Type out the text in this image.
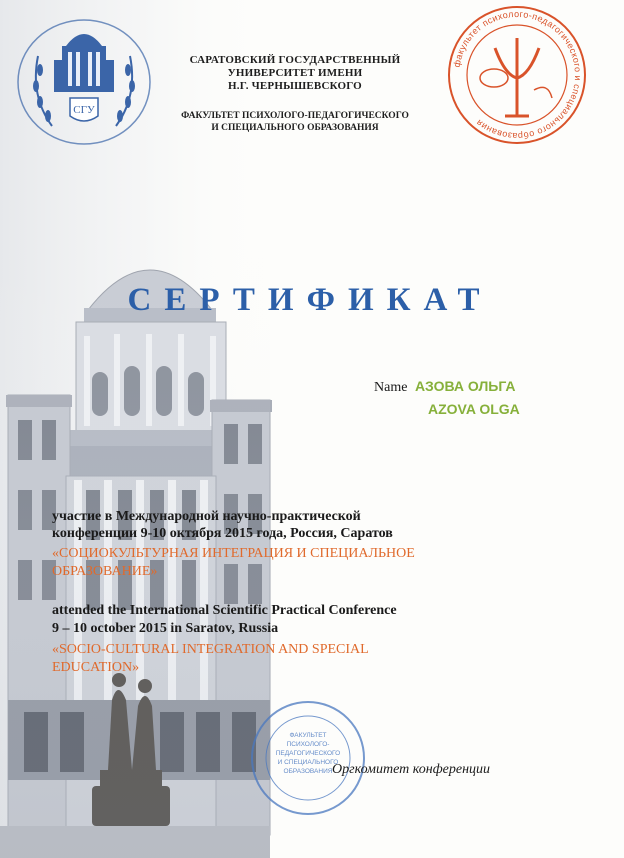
СГУ
факультет психолого-педагогического и специального образования
САРАТОВСКИЙ ГОСУДАРСТВЕННЫЙ
УНИВЕРСИТЕТ ИМЕНИ
Н.Г. ЧЕРНЫШЕВСКОГО
ФАКУЛЬТЕТ ПСИХОЛОГО-ПЕДАГОГИЧЕСКОГО
И СПЕЦИАЛЬНОГО ОБРАЗОВАНИЯ
СЕРТИФИКАТ
Name АЗОВА ОЛЬГА
AZOVA OLGA
участие в Международной научно-практической
конференции 9-10 октября 2015 года, Россия, Саратов
«СОЦИОКУЛЬТУРНАЯ ИНТЕГРАЦИЯ И СПЕЦИАЛЬНОЕ
ОБРАЗОВАНИЕ»
attended the International Scientific Practical Conference
9 – 10 october 2015 in Saratov, Russia
«SOCIO-CULTURAL INTEGRATION AND SPECIAL
EDUCATION»
ФАКУЛЬТЕТ
ПСИХОЛОГО-
ПЕДАГОГИЧЕСКОГО
И СПЕЦИАЛЬНОГО
ОБРАЗОВАНИЯ Оргкомитет конференции
